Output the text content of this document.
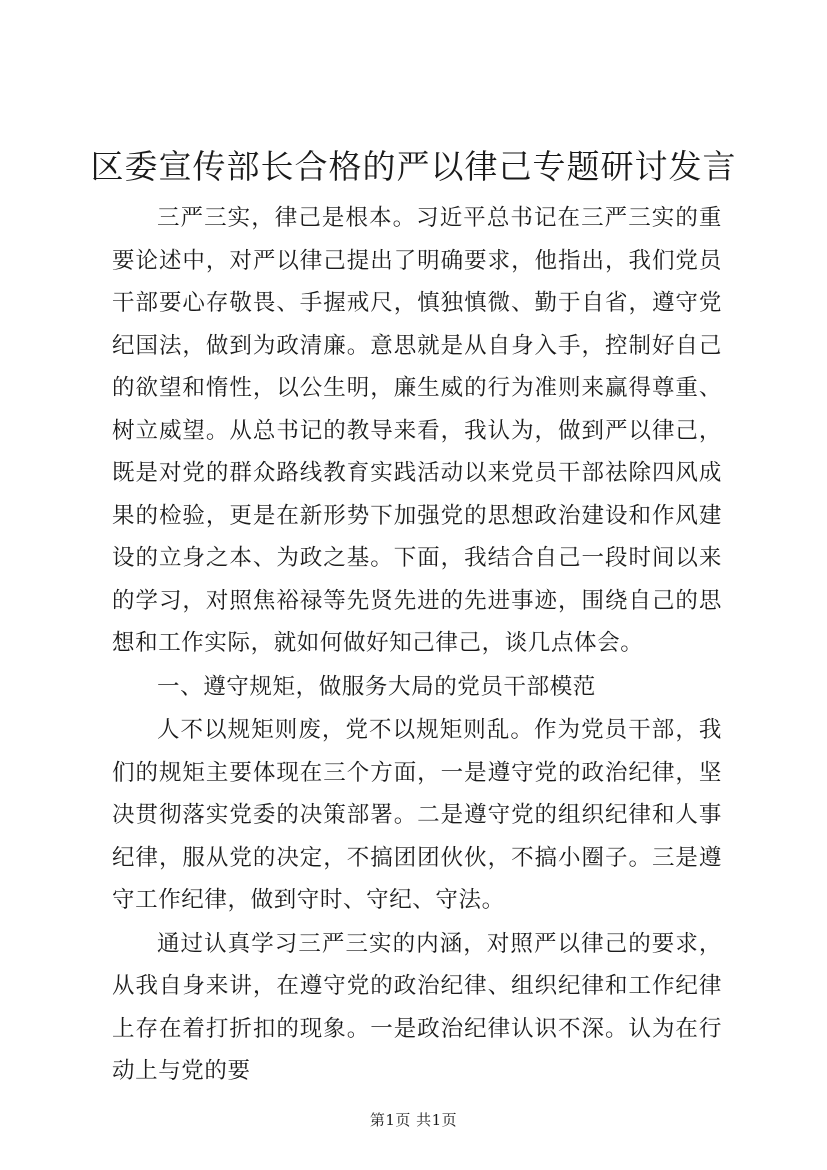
区委宣传部长合格的严以律己专题研讨发言

三严三实，律己是根本。习近平总书记在三严三实的重要论述中，对严以律己提出了明确要求，他指出，我们党员干部要心存敬畏、手握戒尺，慎独慎微、勤于自省，遵守党纪国法，做到为政清廉。意思就是从自身入手，控制好自己的欲望和惰性，以公生明，廉生威的行为准则来赢得尊重、树立威望。从总书记的教导来看，我认为，做到严以律己，既是对党的群众路线教育实践活动以来党员干部祛除四风成果的检验，更是在新形势下加强党的思想政治建设和作风建设的立身之本、为政之基。下面，我结合自己一段时间以来的学习，对照焦裕禄等先贤先进的先进事迹，围绕自己的思想和工作实际，就如何做好知己律己，谈几点体会。

一、遵守规矩，做服务大局的党员干部模范

人不以规矩则废，党不以规矩则乱。作为党员干部，我们的规矩主要体现在三个方面，一是遵守党的政治纪律，坚决贯彻落实党委的决策部署。二是遵守党的组织纪律和人事纪律，服从党的决定，不搞团团伙伙，不搞小圈子。三是遵守工作纪律，做到守时、守纪、守法。

通过认真学习三严三实的内涵，对照严以律己的要求，从我自身来讲，在遵守党的政治纪律、组织纪律和工作纪律上存在着打折扣的现象。一是政治纪律认识不深。认为在行动上与党的要

第1页 共1页
